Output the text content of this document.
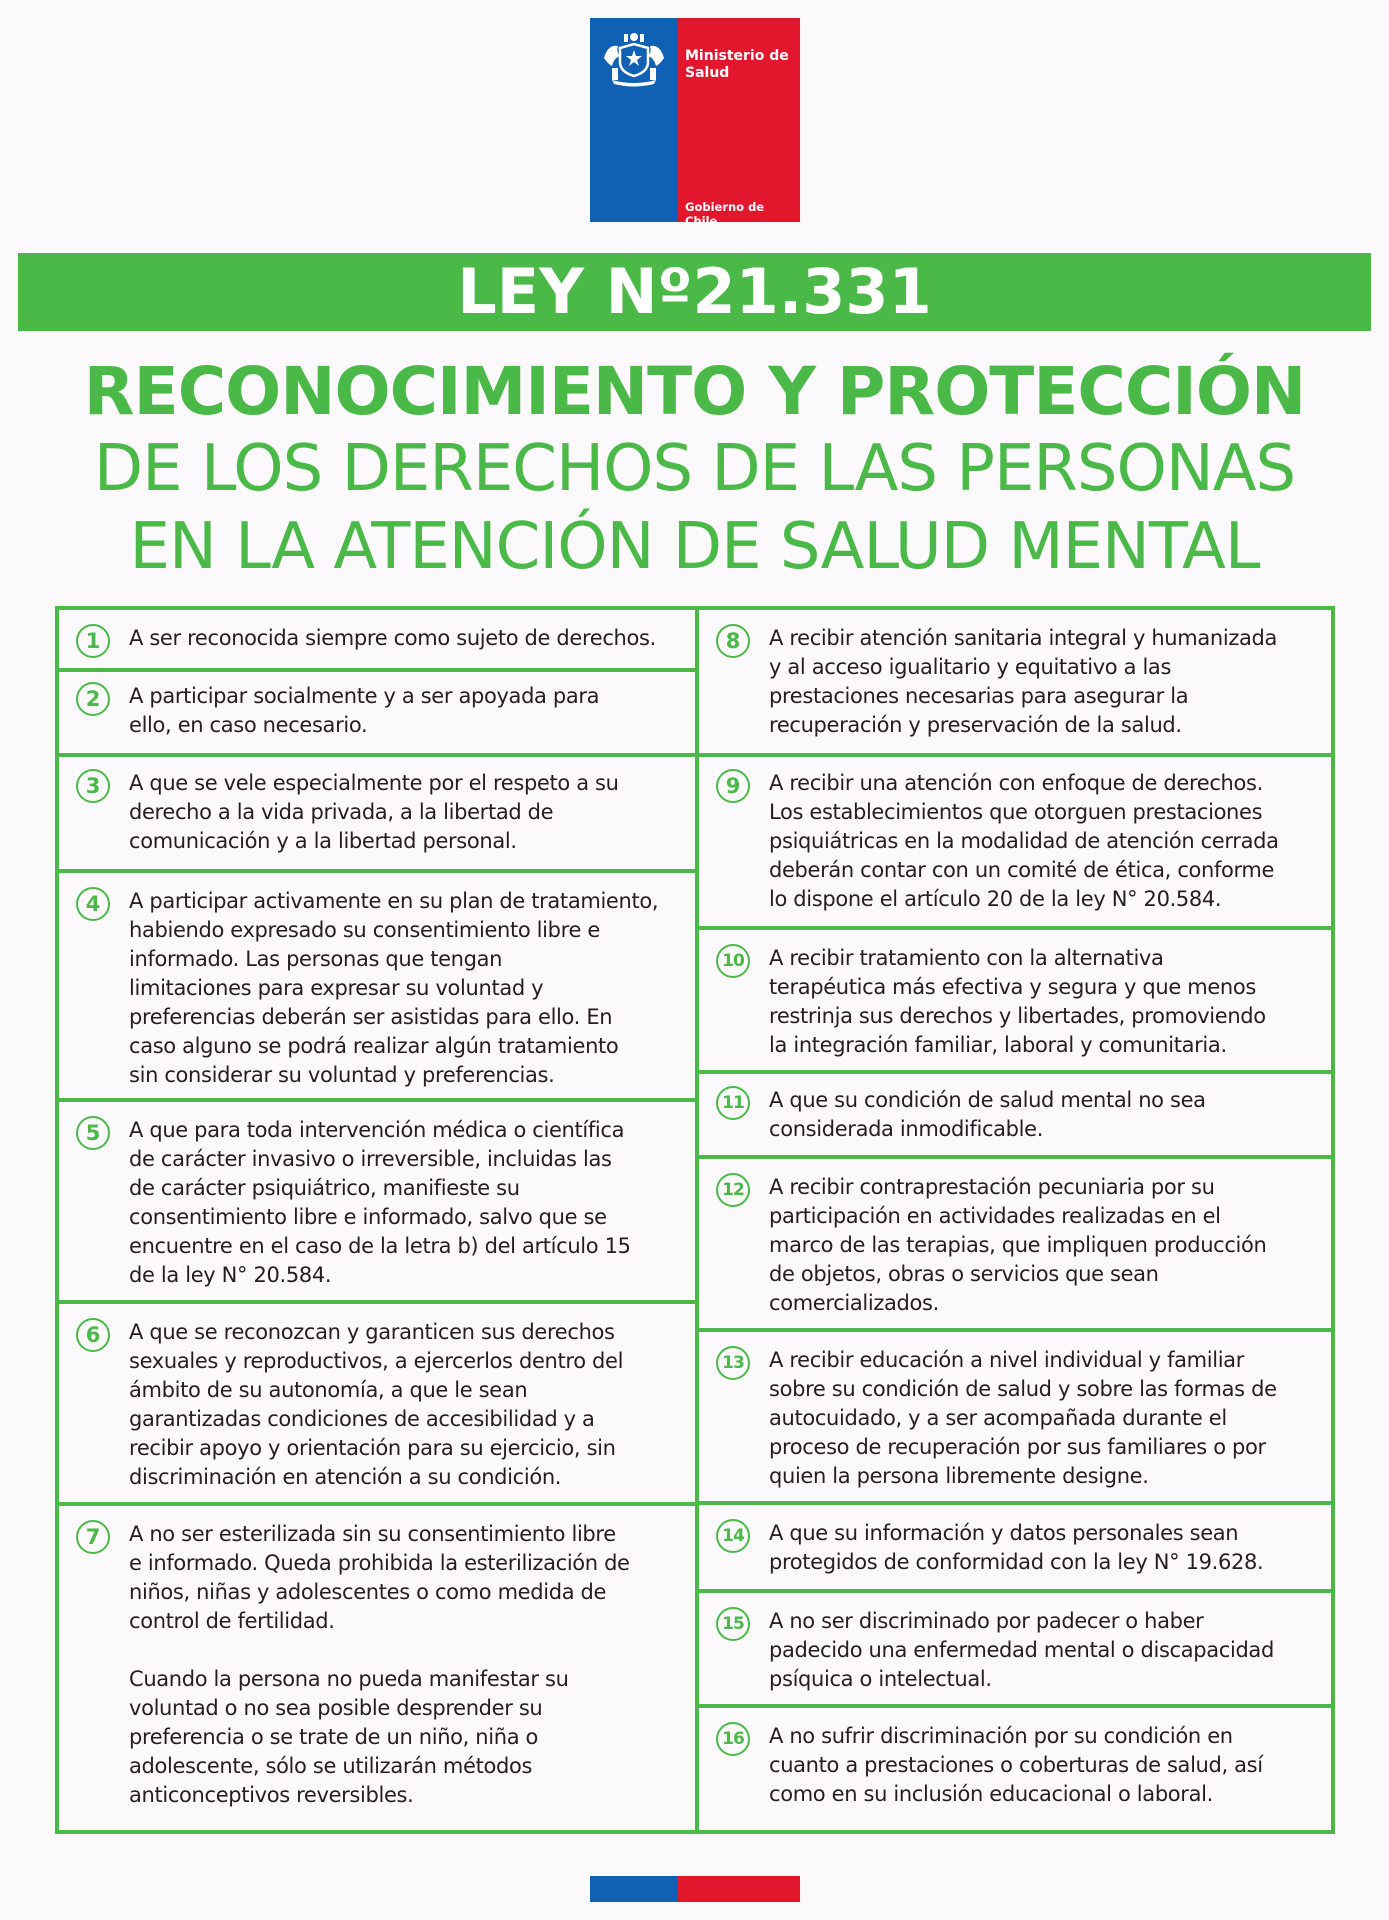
Ministerio de Salud
Gobierno de Chile
LEY Nº21.331
RECONOCIMIENTO Y PROTECCIÓN
DE LOS DERECHOS DE LAS PERSONAS
EN LA ATENCIÓN DE SALUD MENTAL
1	A ser reconocida siempre como sujeto de derechos.
2	A participar socialmente y a ser apoyada para
ello, en caso necesario.
3	A que se vele especialmente por el respeto a su
derecho a la vida privada, a la libertad de
comunicación y a la libertad personal.
4	A participar activamente en su plan de tratamiento,
habiendo expresado su consentimiento libre e
informado. Las personas que tengan
limitaciones para expresar su voluntad y
preferencias deberán ser asistidas para ello. En
caso alguno se podrá realizar algún tratamiento
sin considerar su voluntad y preferencias.
5	A que para toda intervención médica o científica
de carácter invasivo o irreversible, incluidas las
de carácter psiquiátrico, manifieste su
consentimiento libre e informado, salvo que se
encuentre en el caso de la letra b) del artículo 15
de la ley N° 20.584.
6	A que se reconozcan y garanticen sus derechos
sexuales y reproductivos, a ejercerlos dentro del
ámbito de su autonomía, a que le sean
garantizadas condiciones de accesibilidad y a
recibir apoyo y orientación para su ejercicio, sin
discriminación en atención a su condición.
7	A no ser esterilizada sin su consentimiento libre
e informado. Queda prohibida la esterilización de
niños, niñas y adolescentes o como medida de
control de fertilidad.

Cuando la persona no pueda manifestar su
voluntad o no sea posible desprender su
preferencia o se trate de un niño, niña o
adolescente, sólo se utilizarán métodos
anticonceptivos reversibles.
8	A recibir atención sanitaria integral y humanizada
y al acceso igualitario y equitativo a las
prestaciones necesarias para asegurar la
recuperación y preservación de la salud.
9	A recibir una atención con enfoque de derechos.
Los establecimientos que otorguen prestaciones
psiquiátricas en la modalidad de atención cerrada
deberán contar con un comité de ética, conforme
lo dispone el artículo 20 de la ley N° 20.584.
10 A recibir tratamiento con la alternativa
terapéutica más efectiva y segura y que menos
restrinja sus derechos y libertades, promoviendo
la integración familiar, laboral y comunitaria.
11 A que su condición de salud mental no sea
considerada inmodificable.
12 A recibir contraprestación pecuniaria por su
participación en actividades realizadas en el
marco de las terapias, que impliquen producción
de objetos, obras o servicios que sean
comercializados.
13 A recibir educación a nivel individual y familiar
sobre su condición de salud y sobre las formas de
autocuidado, y a ser acompañada durante el
proceso de recuperación por sus familiares o por
quien la persona libremente designe.
14 A que su información y datos personales sean
protegidos de conformidad con la ley N° 19.628.
15 A no ser discriminado por padecer o haber
padecido una enfermedad mental o discapacidad
psíquica o intelectual.
16 A no sufrir discriminación por su condición en
cuanto a prestaciones o coberturas de salud, así
como en su inclusión educacional o laboral.
